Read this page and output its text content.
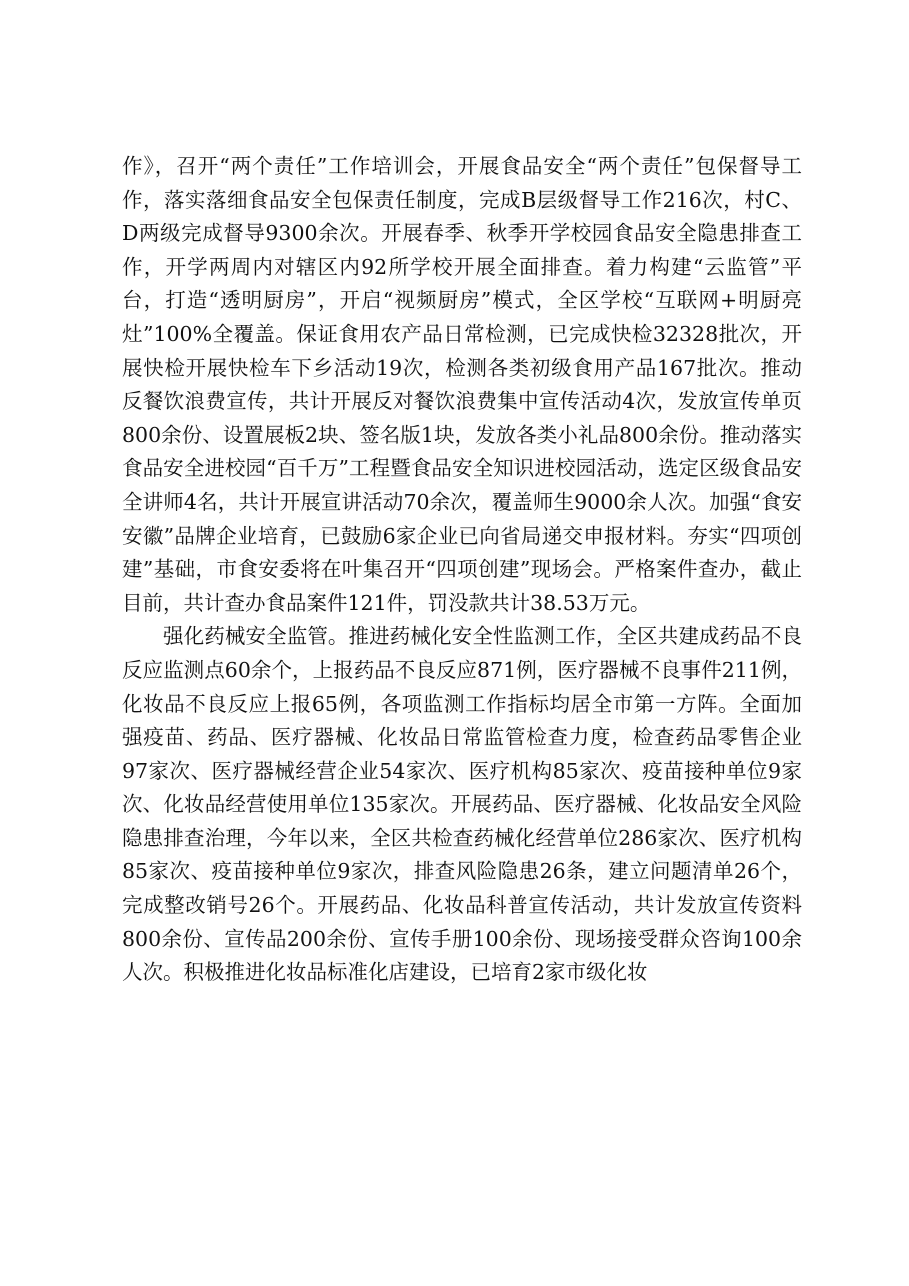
作》，召开“两个责任”工作培训会，开展食品安全“两个责任”包保督导工作，落实落细食品安全包保责任制度，完成B层级督导工作216次，村C、D两级完成督导9300余次。开展春季、秋季开学校园食品安全隐患排查工作，开学两周内对辖区内92所学校开展全面排查。着力构建“云监管”平台，打造“透明厨房”，开启“视频厨房”模式，全区学校“互联网+明厨亮灶”100%全覆盖。保证食用农产品日常检测，已完成快检32328批次，开展快检开展快检车下乡活动19次，检测各类初级食用产品167批次。推动反餐饮浪费宣传，共计开展反对餐饮浪费集中宣传活动4次，发放宣传单页800余份、设置展板2块、签名版1块，发放各类小礼品800余份。推动落实食品安全进校园“百千万”工程暨食品安全知识进校园活动，选定区级食品安全讲师4名，共计开展宣讲活动70余次，覆盖师生9000余人次。加强“食安安徽”品牌企业培育，已鼓励6家企业已向省局递交申报材料。夯实“四项创建”基础，市食安委将在叶集召开“四项创建”现场会。严格案件查办，截止目前，共计查办食品案件121件，罚没款共计38.53万元。

强化药械安全监管。推进药械化安全性监测工作，全区共建成药品不良反应监测点60余个，上报药品不良反应871例，医疗器械不良事件211例，化妆品不良反应上报65例，各项监测工作指标均居全市第一方阵。全面加强疫苗、药品、医疗器械、化妆品日常监管检查力度，检查药品零售企业97家次、医疗器械经营企业54家次、医疗机构85家次、疫苗接种单位9家次、化妆品经营使用单位135家次。开展药品、医疗器械、化妆品安全风险隐患排查治理，今年以来，全区共检查药械化经营单位286家次、医疗机构85家次、疫苗接种单位9家次，排查风险隐患26条，建立问题清单26个，完成整改销号26个。开展药品、化妆品科普宣传活动，共计发放宣传资料800余份、宣传品200余份、宣传手册100余份、现场接受群众咨询100余人次。积极推进化妆品标准化店建设，已培育2家市级化妆
